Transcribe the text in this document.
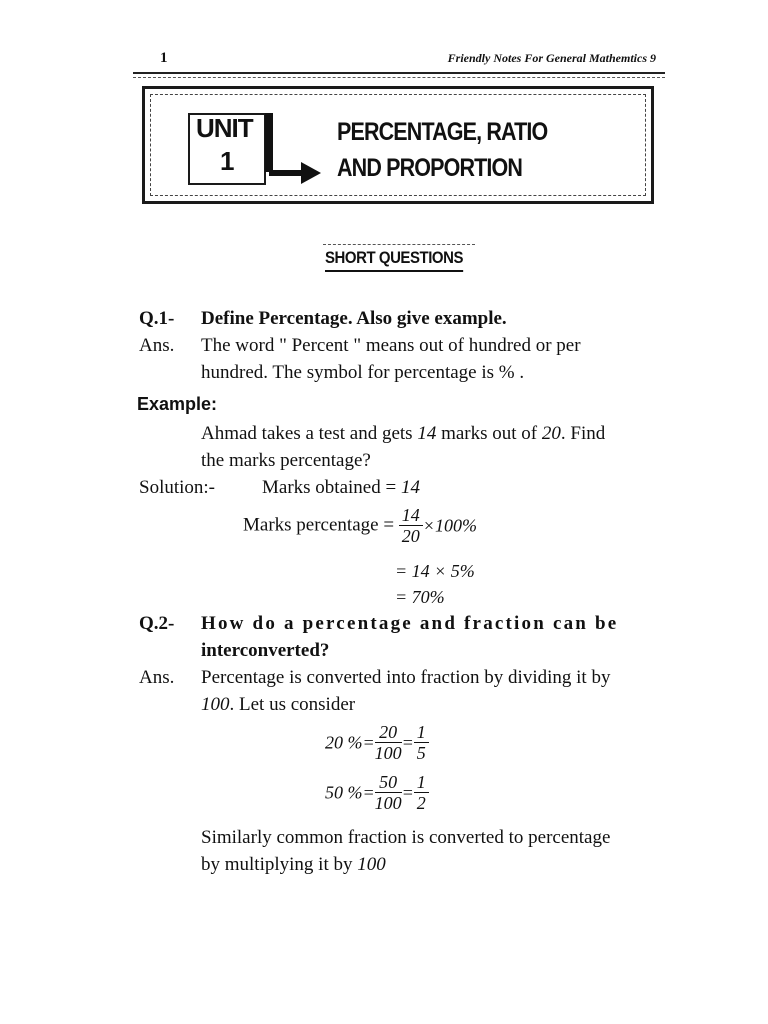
1	Friendly Notes For General Mathemtics 9
UNIT
1
PERCENTAGE, RATIO
AND PROPORTION
SHORT QUESTIONS
Q.1- Define Percentage. Also give example.
Ans. The word " Percent " means out of hundred or per
hundred. The symbol for percentage is % .
Example:
Ahmad takes a test and gets 14 marks out of 20. Find
the marks percentage?
Solution:- Marks obtained = 14
Marks percentage = $\frac{14}{20} \times 100\%$
= 14 × 5%
= 70%
Q.2- How do a percentage and fraction can be
interconverted?
Ans. Percentage is converted into fraction by dividing it by
100. Let us consider
20 %= $\frac{20}{100} = \frac{1}{5}$
50 %= $\frac{50}{100} = \frac{1}{2}$
Similarly common fraction is converted to percentage
by multiplying it by 100
